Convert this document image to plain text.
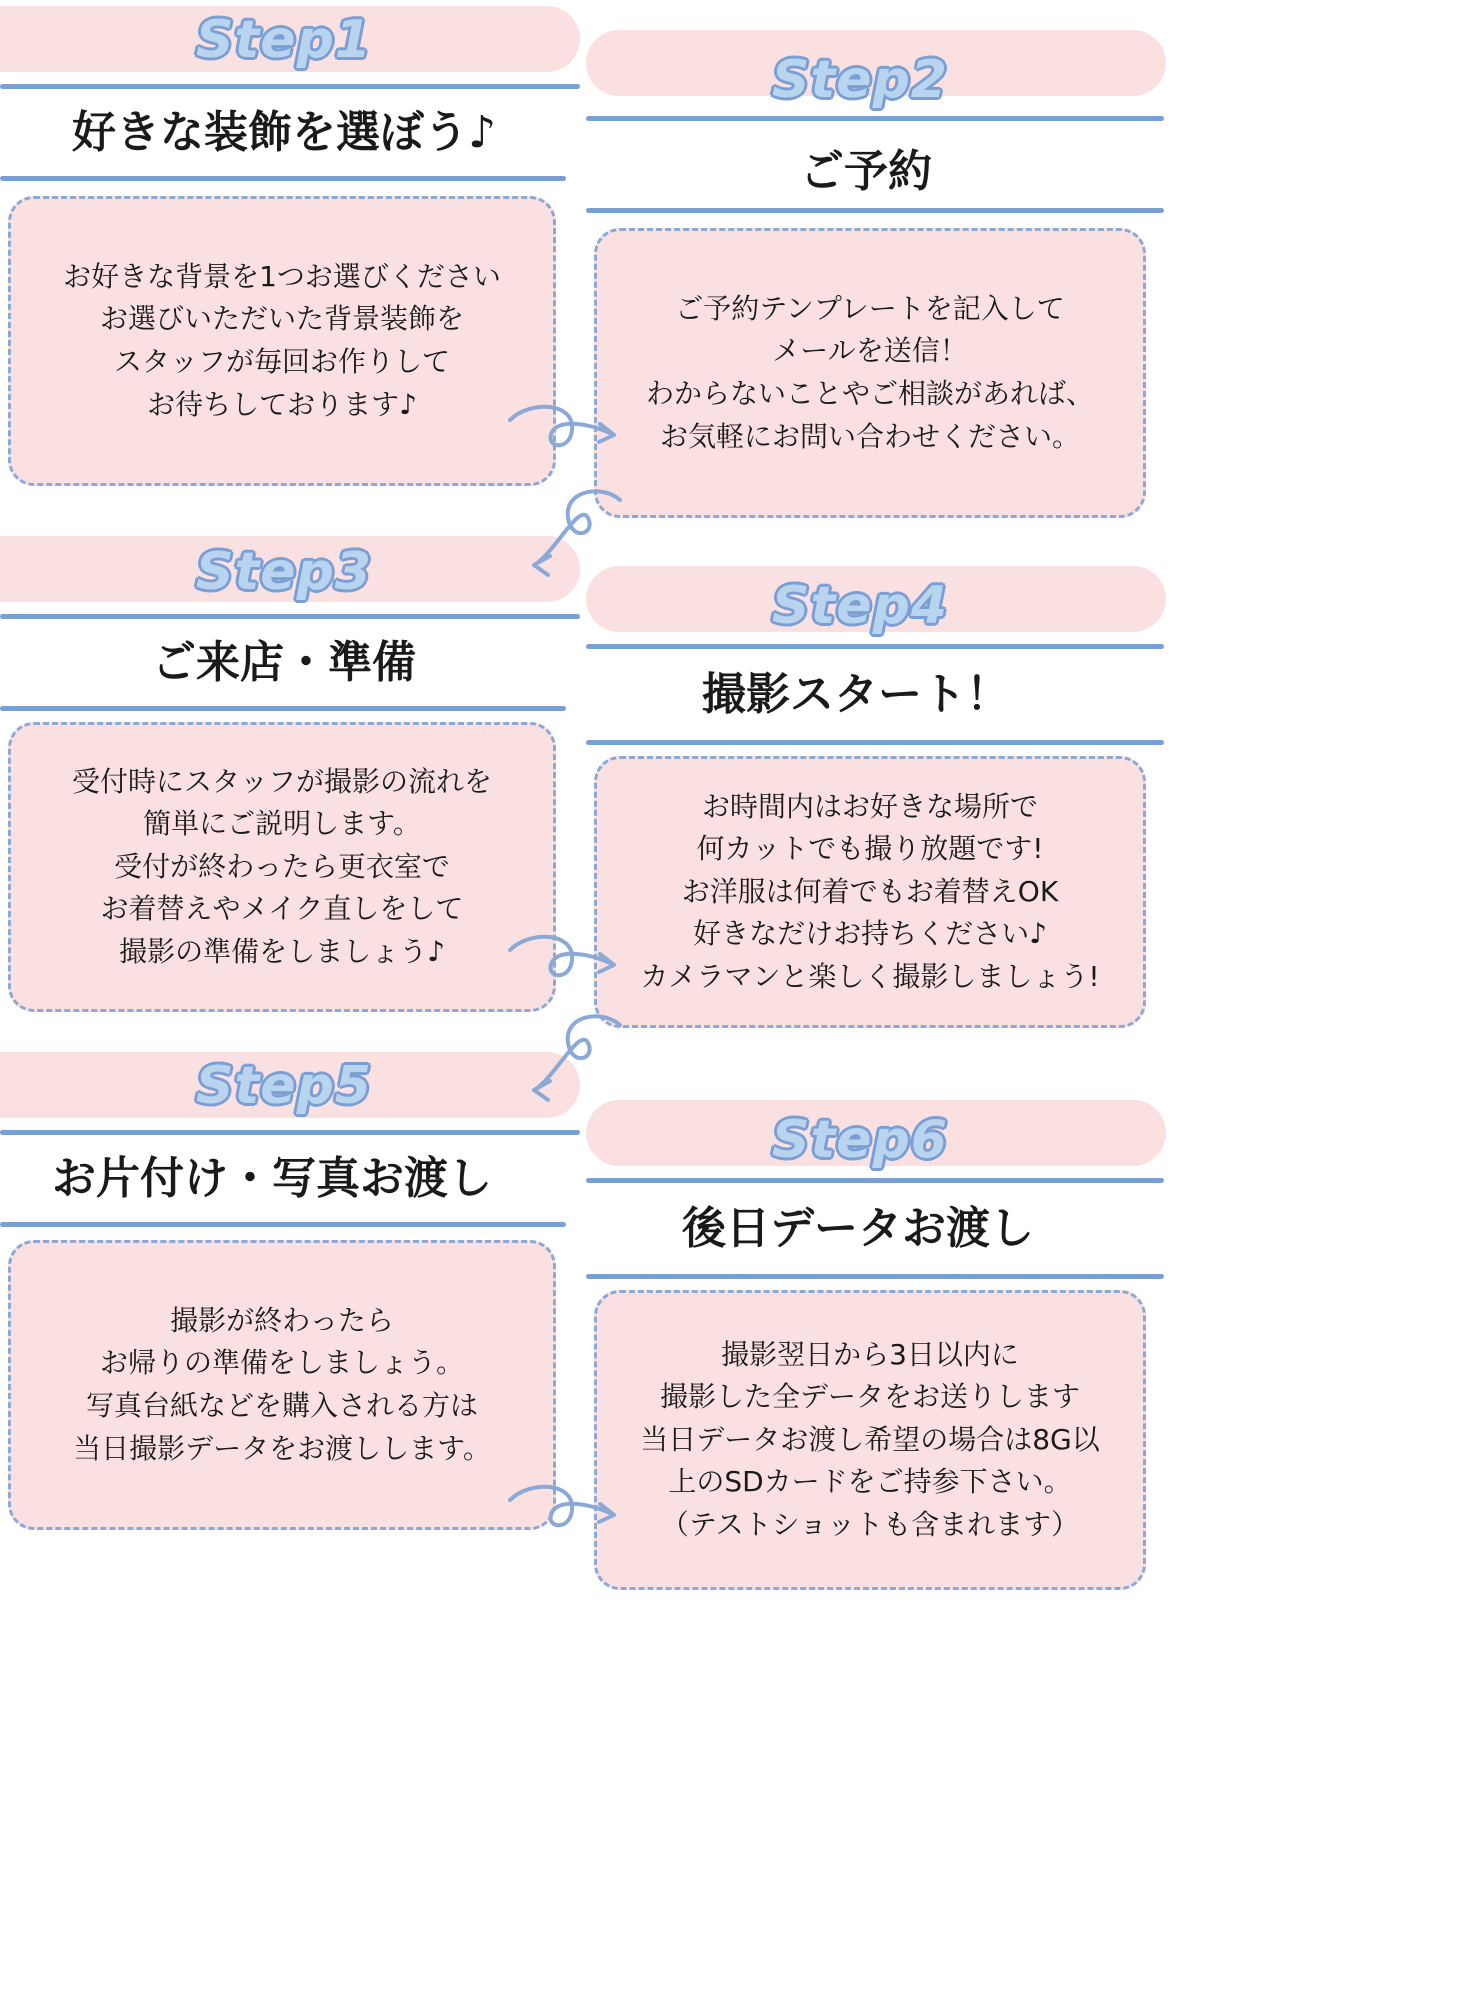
Step1
好きな装飾を選ぼう♪

お好きな背景を1つお選びください

お選びいただいた背景装飾を

スタッフが毎回お作りして

お待ちしております♪

Step2
ご予約

ご予約テンプレートを記入して

メールを送信！

わからないことやご相談があれば、

お気軽にお問い合わせください。

Step3
ご来店・準備

受付時にスタッフが撮影の流れを

簡単にご説明します。

受付が終わったら更衣室で

お着替えやメイク直しをして

撮影の準備をしましょう♪

Step4
撮影スタート！

お時間内はお好きな場所で

何カットでも撮り放題です!

お洋服は何着でもお着替えOK

好きなだけお持ちください♪

カメラマンと楽しく撮影しましょう!

Step5
お片付け・写真お渡し

撮影が終わったら

お帰りの準備をしましょう。

写真台紙などを購入される方は

当日撮影データをお渡しします。

Step6
後日データお渡し

撮影翌日から3日以内に

撮影した全データをお送りします

当日データお渡し希望の場合は8G以

上のSDカードをご持参下さい。

（テストショットも含まれます）
